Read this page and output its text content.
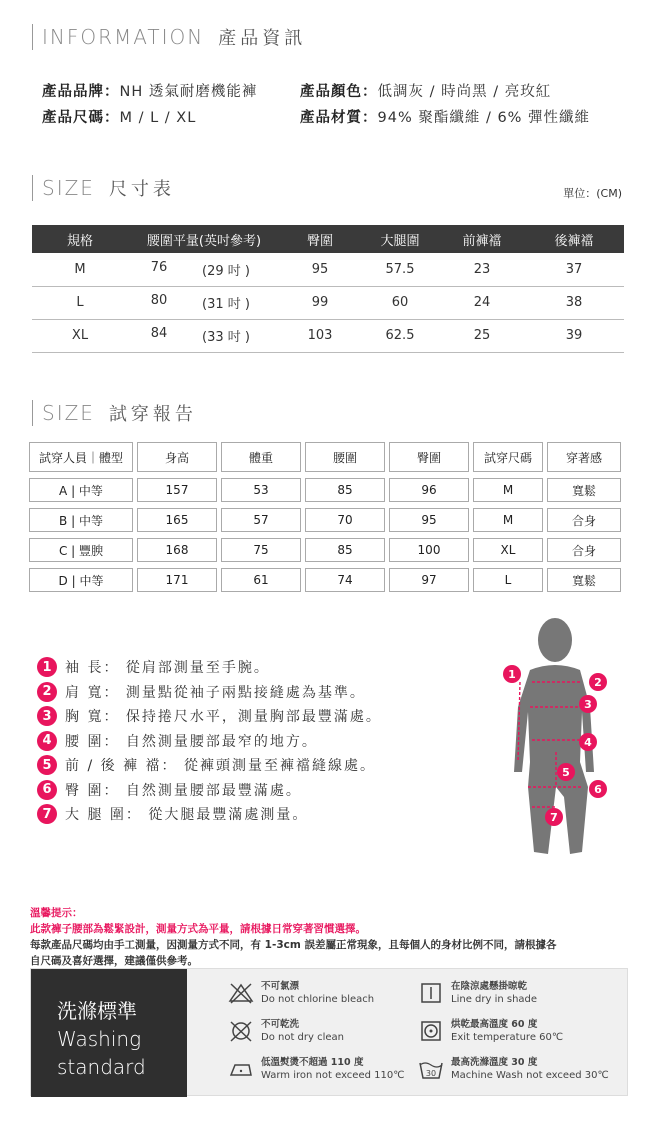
INFORMATION 產品資訊
產品品牌：NH 透氣耐磨機能褲	產品顏色：低調灰 / 時尚黑 / 亮玫紅
產品尺碼：M / L / XL	產品材質：94% 聚酯纖維 / 6% 彈性纖維
SIZE 尺寸表	單位：(CM)
規格	腰圍平量(英吋參考)	臀圍	大腿圍	前褲襠	後褲襠
M	76 (29 吋 )	95	57.5	23	37
L	80 (31 吋 )	99	60	24	38
XL	84 (33 吋 )	103	62.5	25	39
SIZE 試穿報告
試穿人員｜體型	身高	體重	腰圍	臀圍	試穿尺碼	穿著感
A | 中等	157	53	85	96	M	寬鬆
B | 中等	165	57	70	95	M	合身
C | 豐腴	168	75	85	100	XL	合身
D | 中等	171	61	74	97	L	寬鬆
1 袖 長： 從肩部測量至手腕。
2 肩 寬： 測量點從袖子兩點接縫處為基準。
3 胸 寬： 保持捲尺水平，測量胸部最豐滿處。
4 腰 圍： 自然測量腰部最窄的地方。
5 前 / 後 褲 襠： 從褲頭測量至褲襠縫線處。
6 臀 圍： 自然測量腰部最豐滿處。
7 大 腿 圍： 從大腿最豐滿處測量。
1
2
3
4
5
6
7
溫馨提示：
此款褲子腰部為鬆緊設計，測量方式為平量，請根據日常穿著習慣選擇。
每款產品尺碼均由手工測量，因測量方式不同，有 1-3cm 誤差屬正常現象，且每個人的身材比例不同，請根據各
自尺碼及喜好選擇，建議僅供參考。
洗滌標準
Washing
standard
不可氯漂
Do not chlorine bleach
在陰涼處懸掛晾乾
Line dry in shade
不可乾洗
Do not dry clean
烘乾最高溫度 60 度
Exit temperature 60℃
低溫熨燙不超過 110 度
Warm iron not exceed 110℃	30
最高洗滌溫度 30 度
Machine Wash not exceed 30℃
